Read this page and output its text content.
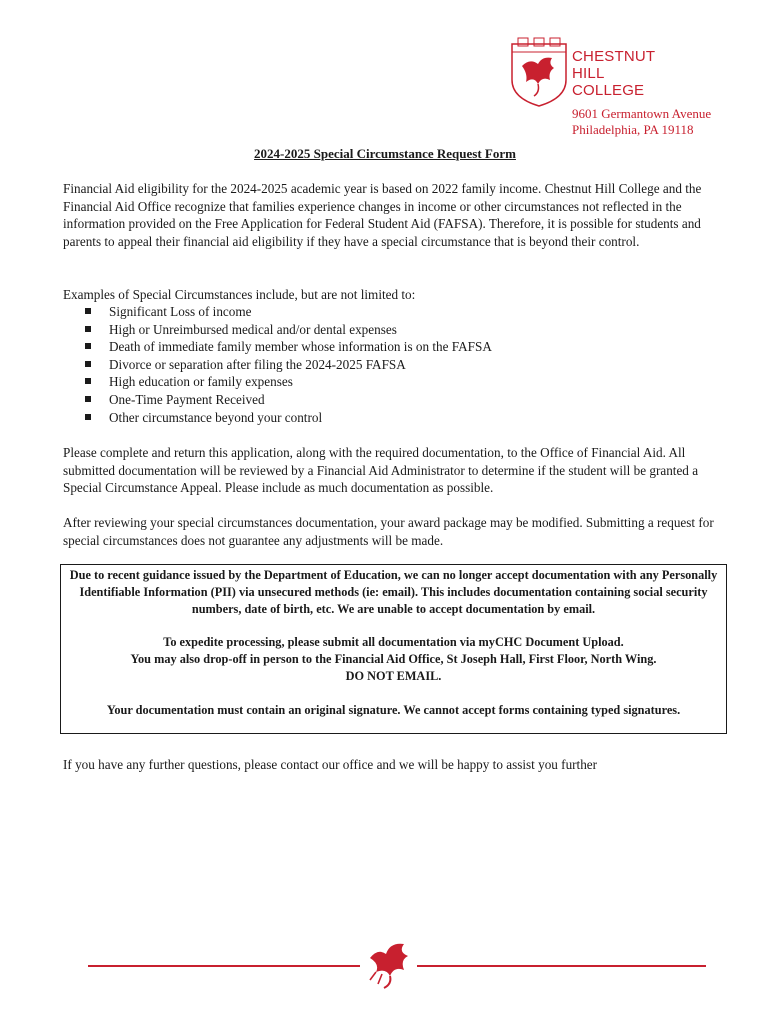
CHESTNUT
HILL
COLLEGE
9601 Germantown Avenue
Philadelphia, PA 19118
2024-2025 Special Circumstance Request Form
Financial Aid eligibility for the 2024-2025 academic year is based on 2022 family income. Chestnut Hill College and the Financial Aid Office recognize that families experience changes in income or other circumstances not reflected in the information provided on the Free Application for Federal Student Aid (FAFSA). Therefore, it is possible for students and parents to appeal their financial aid eligibility if they have a special circumstance that is beyond their control.
Examples of Special Circumstances include, but are not limited to:
Significant Loss of income
High or Unreimbursed medical and/or dental expenses
Death of immediate family member whose information is on the FAFSA
Divorce or separation after filing the 2024-2025 FAFSA
High education or family expenses
One-Time Payment Received
Other circumstance beyond your control
Please complete and return this application, along with the required documentation, to the Office of Financial Aid. All submitted documentation will be reviewed by a Financial Aid Administrator to determine if the student will be granted a Special Circumstance Appeal. Please include as much documentation as possible.
After reviewing your special circumstances documentation, your award package may be modified. Submitting a request for special circumstances does not guarantee any adjustments will be made.

Due to recent guidance issued by the Department of Education, we can no longer accept documentation with any Personally Identifiable Information (PII) via unsecured methods (ie: email). This includes documentation containing social security numbers, date of birth, etc. We are unable to accept documentation by email.

To expedite processing, please submit all documentation via myCHC Document Upload.

You may also drop-off in person to the Financial Aid Office, St Joseph Hall, First Floor, North Wing.

DO NOT EMAIL.

Your documentation must contain an original signature. We cannot accept forms containing typed signatures.

If you have any further questions, please contact our office and we will be happy to assist you further
